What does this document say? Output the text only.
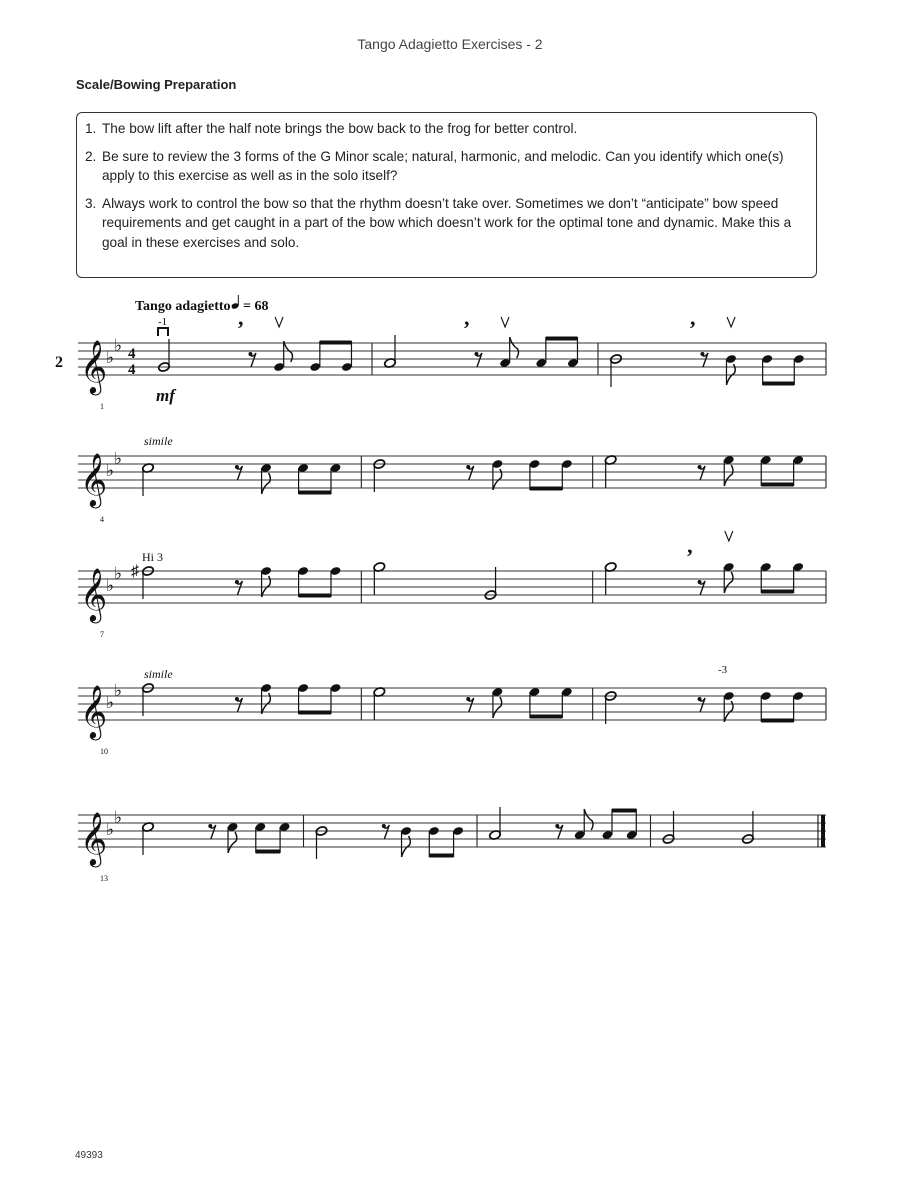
Tango Adagietto Exercises - 2
Scale/Bowing Preparation
1. The bow lift after the half note brings the bow back to the frog for better control.
2. Be sure to review the 3 forms of the G Minor scale; natural, harmonic, and melodic. Can you identify which one(s) apply to this exercise as well as in the solo itself?
3. Always work to control the bow so that the rhythm doesn’t take over. Sometimes we don’t “anticipate” bow speed requirements and get caught in a part of the bow which doesn’t work for the optimal tone and dynamic. Make this a goal in these exercises and solo.
𝄞
♭
♭
1
4
4
,	,	,
𝄞
♭
♭
4
𝄞
♭
♭
7
♯
,
𝄞
♭
♭
10
𝄞
♭
♭
13
2
Tango adagietto = 68
-1
mf
simile
Hi 3
simile	-3
49393
